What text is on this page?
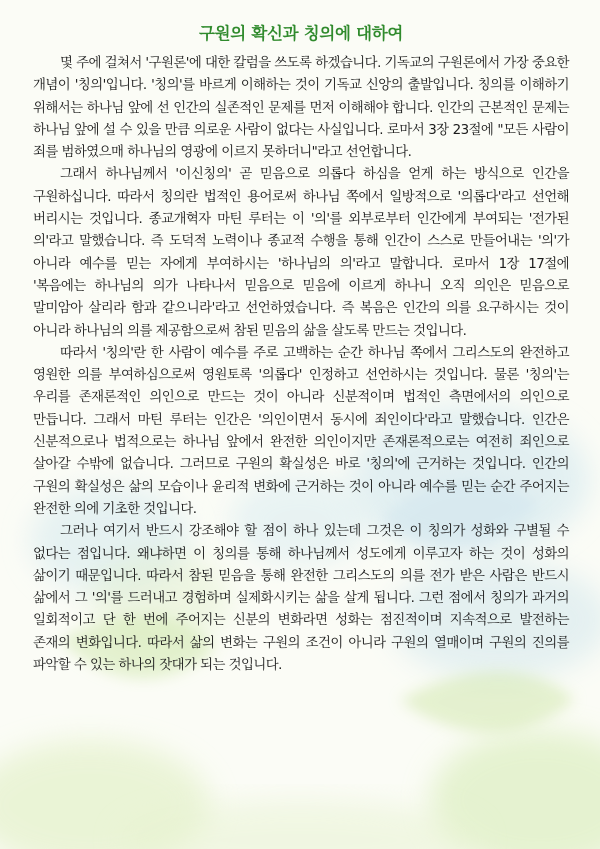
구원의 확신과 칭의에 대하여

몇 주에 걸쳐서 '구원론'에 대한 칼럼을 쓰도록 하겠습니다. 기독교의 구원론에서 가장 중요한 개념이 '칭의'입니다. '칭의'를 바르게 이해하는 것이 기독교 신앙의 출발입니다. 칭의를 이해하기 위해서는 하나님 앞에 선 인간의 실존적인 문제를 먼저 이해해야 합니다. 인간의 근본적인 문제는 하나님 앞에 설 수 있을 만큼 의로운 사람이 없다는 사실입니다. 로마서 3장 23절에 "모든 사람이 죄를 범하였으매 하나님의 영광에 이르지 못하더니"라고 선언합니다.

그래서 하나님께서 '이신칭의' 곧 믿음으로 의롭다 하심을 얻게 하는 방식으로 인간을 구원하십니다. 따라서 칭의란 법적인 용어로써 하나님 쪽에서 일방적으로 '의롭다'라고 선언해 버리시는 것입니다. 종교개혁자 마틴 루터는 이 '의'를 외부로부터 인간에게 부여되는 '전가된 의'라고 말했습니다. 즉 도덕적 노력이나 종교적 수행을 통해 인간이 스스로 만들어내는 '의'가 아니라 예수를 믿는 자에게 부여하시는 '하나님의 의'라고 말합니다. 로마서 1장 17절에 '복음에는 하나님의 의가 나타나서 믿음으로 믿음에 이르게 하나니 오직 의인은 믿음으로 말미암아 살리라 함과 같으니라'라고 선언하였습니다. 즉 복음은 인간의 의를 요구하시는 것이 아니라 하나님의 의를 제공함으로써 참된 믿음의 삶을 살도록 만드는 것입니다.

따라서 '칭의'란 한 사람이 예수를 주로 고백하는 순간 하나님 쪽에서 그리스도의 완전하고 영원한 의를 부여하심으로써 영원토록 '의롭다' 인정하고 선언하시는 것입니다. 물론 '칭의'는 우리를 존재론적인 의인으로 만드는 것이 아니라 신분적이며 법적인 측면에서의 의인으로 만듭니다. 그래서 마틴 루터는 인간은 '의인이면서 동시에 죄인이다'라고 말했습니다. 인간은 신분적으로나 법적으로는 하나님 앞에서 완전한 의인이지만 존재론적으로는 여전히 죄인으로 살아갈 수밖에 없습니다. 그러므로 구원의 확실성은 바로 '칭의'에 근거하는 것입니다. 인간의 구원의 확실성은 삶의 모습이나 윤리적 변화에 근거하는 것이 아니라 예수를 믿는 순간 주어지는 완전한 의에 기초한 것입니다.

그러나 여기서 반드시 강조해야 할 점이 하나 있는데 그것은 이 칭의가 성화와 구별될 수 없다는 점입니다. 왜냐하면 이 칭의를 통해 하나님께서 성도에게 이루고자 하는 것이 성화의 삶이기 때문입니다. 따라서 참된 믿음을 통해 완전한 그리스도의 의를 전가 받은 사람은 반드시 삶에서 그 '의'를 드러내고 경험하며 실제화시키는 삶을 살게 됩니다. 그런 점에서 칭의가 과거의 일회적이고 단 한 번에 주어지는 신분의 변화라면 성화는 점진적이며 지속적으로 발전하는 존재의 변화입니다. 따라서 삶의 변화는 구원의 조건이 아니라 구원의 열매이며 구원의 진의를 파악할 수 있는 하나의 잣대가 되는 것입니다.
